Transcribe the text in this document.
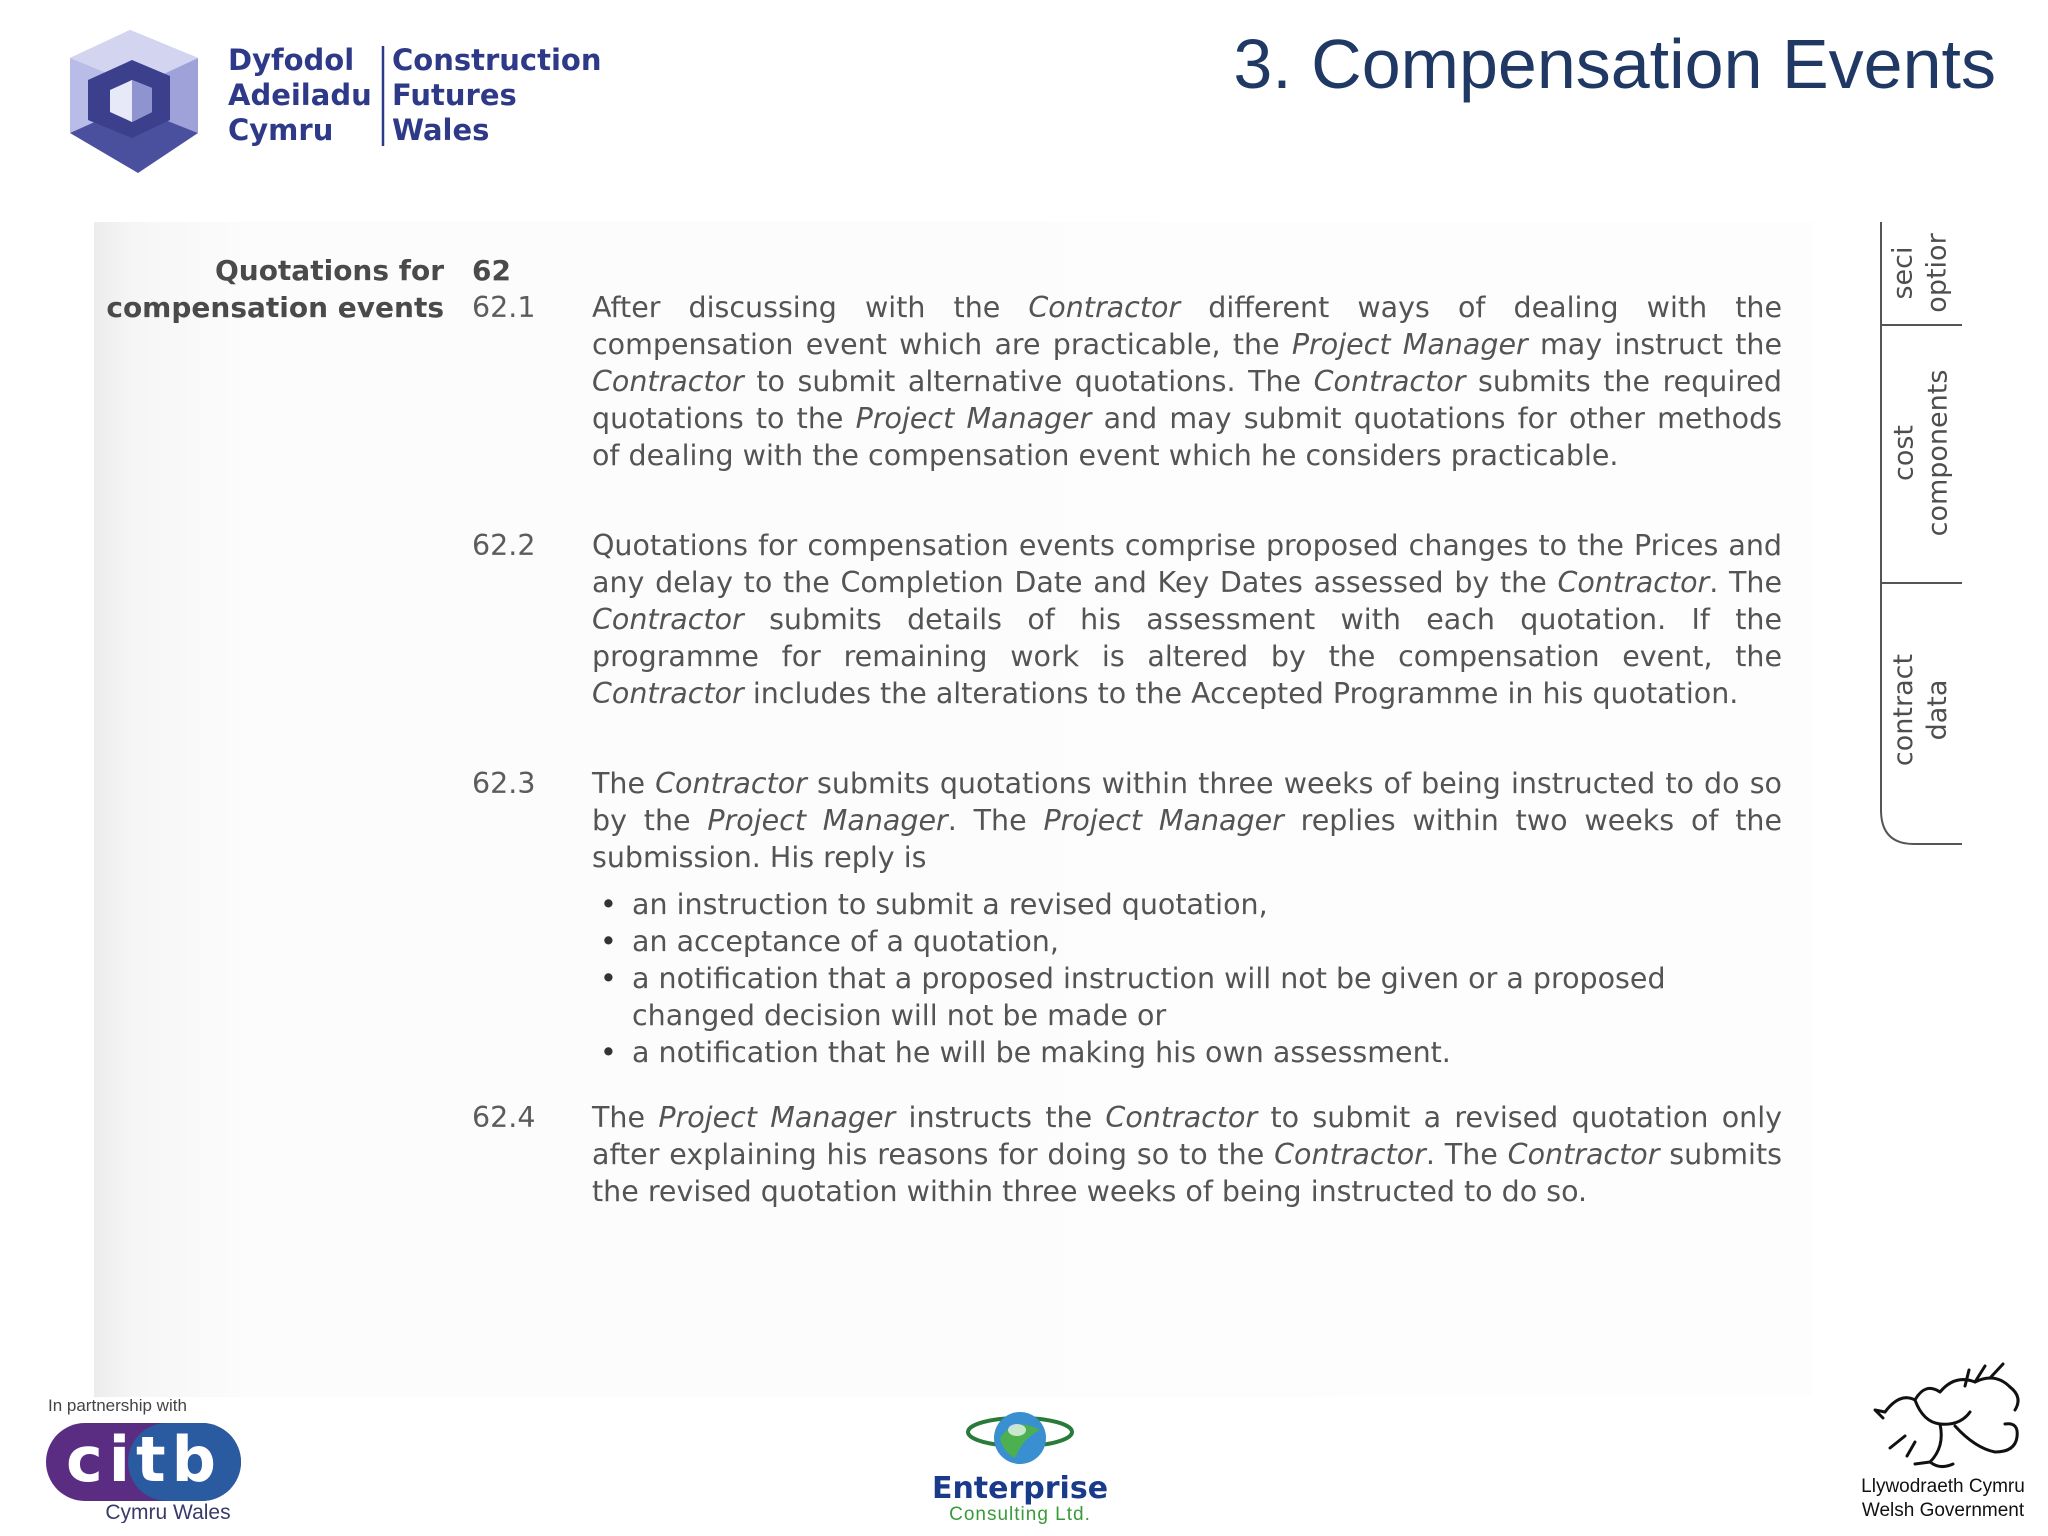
Dyfodol
Adeiladu
Cymru
Construction
Futures
Wales
3. Compensation Events
Quotations for compensation events
62
62.1	After discussing with the Contractor different ways of dealing with the compensation event which are practicable, the Project Manager may instruct the Contractor to submit alternative quotations. The Contractor submits the required quotations to the Project Manager and may submit quotations for other methods of dealing with the compensation event which he considers practicable.
62.2	Quotations for compensation events comprise proposed changes to the Prices and any delay to the Completion Date and Key Dates assessed by the Contractor. The Contractor submits details of his assessment with each quotation. If the programme for remaining work is altered by the compensation event, the Contractor includes the alterations to the Accepted Programme in his quotation.
62.3	The Contractor submits quotations within three weeks of being instructed to do so by the Project Manager. The Project Manager replies within two weeks of the submission. His reply is
• an instruction to submit a revised quotation,
• an acceptance of a quotation,
• a notification that a proposed instruction will not be given or a proposed changed decision will not be made or
• a notification that he will be making his own assessment.
62.4	The Project Manager instructs the Contractor to submit a revised quotation only after explaining his reasons for doing so to the Contractor. The Contractor submits the revised quotation within three weeks of being instructed to do so.
seci
optior
cost
components
contract
data
In partnership with
citb
Cymru Wales
Enterprise
Consulting Ltd.
Llywodraeth Cymru
Welsh Government
